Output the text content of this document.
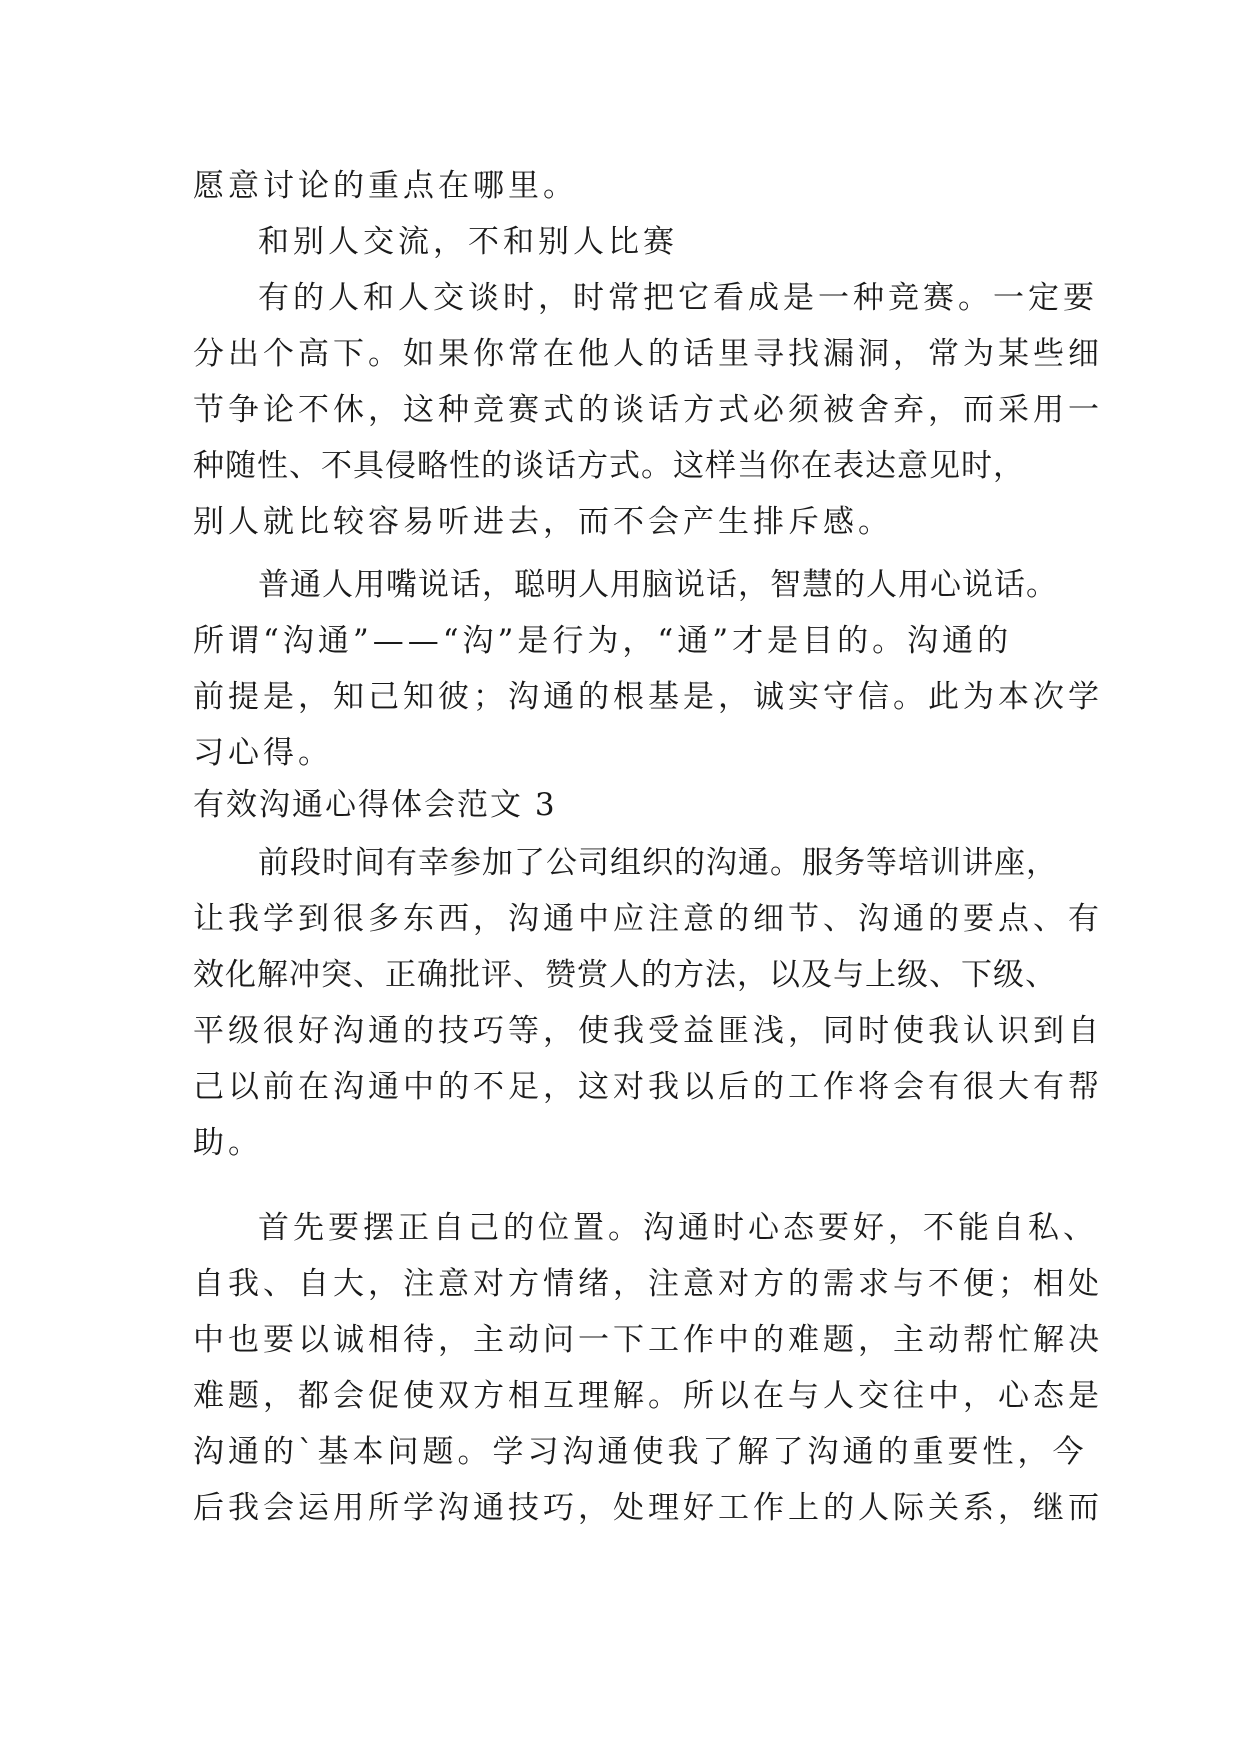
愿意讨论的重点在哪里。
和别人交流，不和别人比赛
有的人和人交谈时，时常把它看成是一种竞赛。一定要
分出个高下。如果你常在他人的话里寻找漏洞，常为某些细
节争论不休，这种竞赛式的谈话方式必须被舍弃，而采用一
种随性、不具侵略性的谈话方式。这样当你在表达意见时，
别人就比较容易听进去，而不会产生排斥感。
普通人用嘴说话，聪明人用脑说话，智慧的人用心说话。
所谓“沟通”——“沟”是行为，“通”才是目的。沟通的
前提是，知己知彼；沟通的根基是，诚实守信。此为本次学
习心得。
有效沟通心得体会范文 3
前段时间有幸参加了公司组织的沟通。服务等培训讲座，
让我学到很多东西，沟通中应注意的细节、沟通的要点、有
效化解冲突、正确批评、赞赏人的方法，以及与上级、下级、
平级很好沟通的技巧等，使我受益匪浅，同时使我认识到自
己以前在沟通中的不足，这对我以后的工作将会有很大有帮
助。
首先要摆正自己的位置。沟通时心态要好，不能自私、
自我、自大，注意对方情绪，注意对方的需求与不便；相处
中也要以诚相待，主动问一下工作中的难题，主动帮忙解决
难题，都会促使双方相互理解。所以在与人交往中，心态是
沟通的`基本问题。学习沟通使我了解了沟通的重要性，今
后我会运用所学沟通技巧，处理好工作上的人际关系，继而
